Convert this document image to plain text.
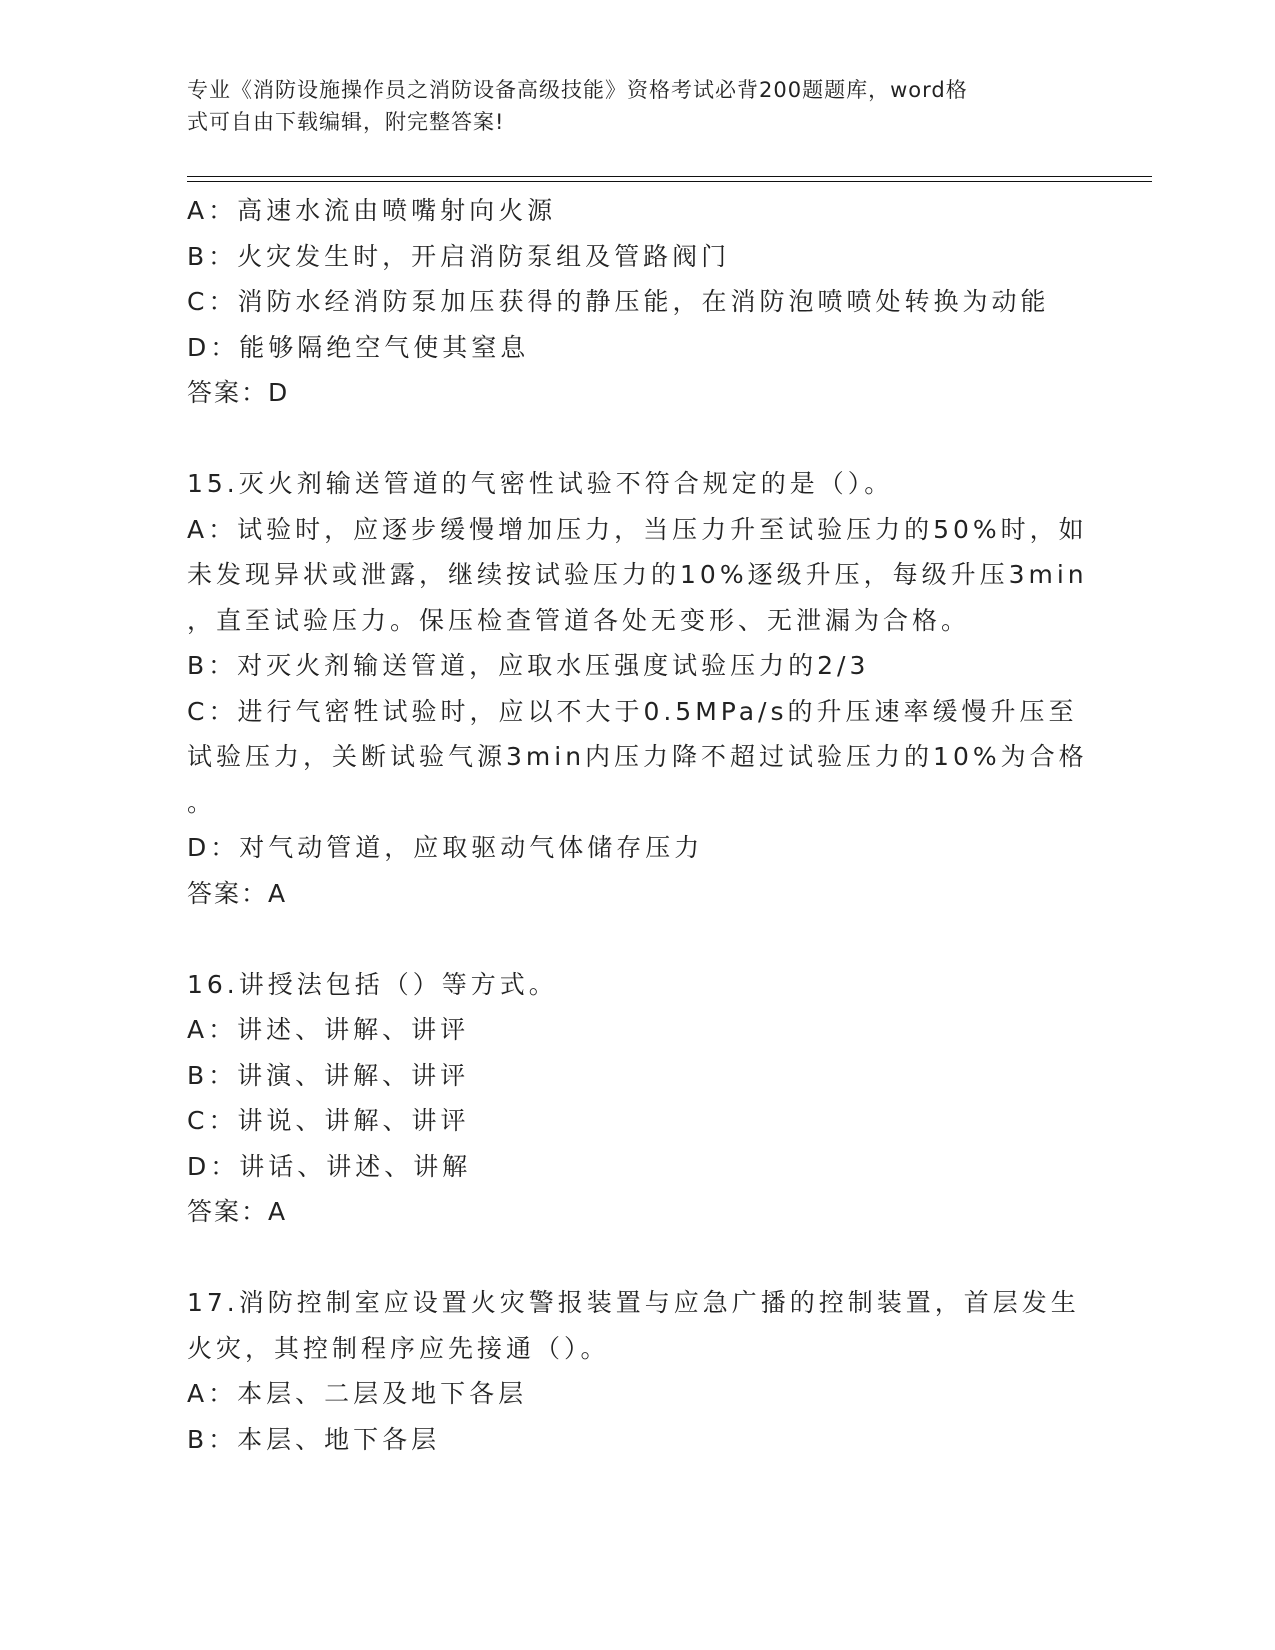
专业《消防设施操作员之消防设备高级技能》资格考试必背200题题库，word格
式可自由下载编辑，附完整答案!
A：高速水流由喷嘴射向火源
B：火灾发生时，开启消防泵组及管路阀门
C：消防水经消防泵加压获得的静压能，在消防泡喷喷处转换为动能
D：能够隔绝空气使其窒息
答案：D
15.灭火剂输送管道的气密性试验不符合规定的是（）。
A：试验时，应逐步缓慢增加压力，当压力升至试验压力的50%时，如
未发现异状或泄露，继续按试验压力的10%逐级升压，每级升压3min
，直至试验压力。保压检查管道各处无变形、无泄漏为合格。
B：对灭火剂输送管道，应取水压强度试验压力的2/3
C：进行气密牲试验时，应以不大于0.5MPa/s的升压速率缓慢升压至
试验压力，关断试验气源3min内压力降不超过试验压力的10%为合格
。
D：对气动管道，应取驱动气体储存压力
答案：A
16.讲授法包括（）等方式。
A：讲述、讲解、讲评
B：讲演、讲解、讲评
C：讲说、讲解、讲评
D：讲话、讲述、讲解
答案：A
17.消防控制室应设置火灾警报装置与应急广播的控制装置，首层发生
火灾，其控制程序应先接通（）。
A：本层、二层及地下各层
B：本层、地下各层
